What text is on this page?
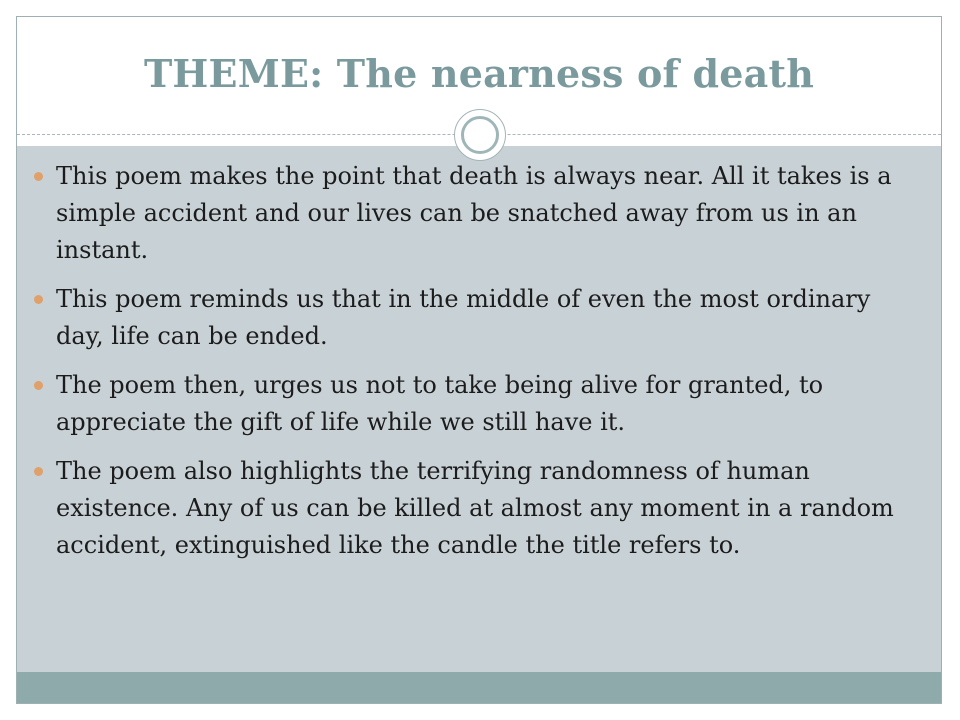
THEME: The nearness of death
This poem makes the point that death is always near. All it takes is a simple accident and our lives can be snatched away from us in an instant.
This poem reminds us that in the middle of even the most ordinary day, life can be ended.
The poem then, urges us not to take being alive for granted, to appreciate the gift of life while we still have it.
The poem also highlights the terrifying randomness of human existence. Any of us can be killed at almost any moment in a random accident, extinguished like the candle the title refers to.
